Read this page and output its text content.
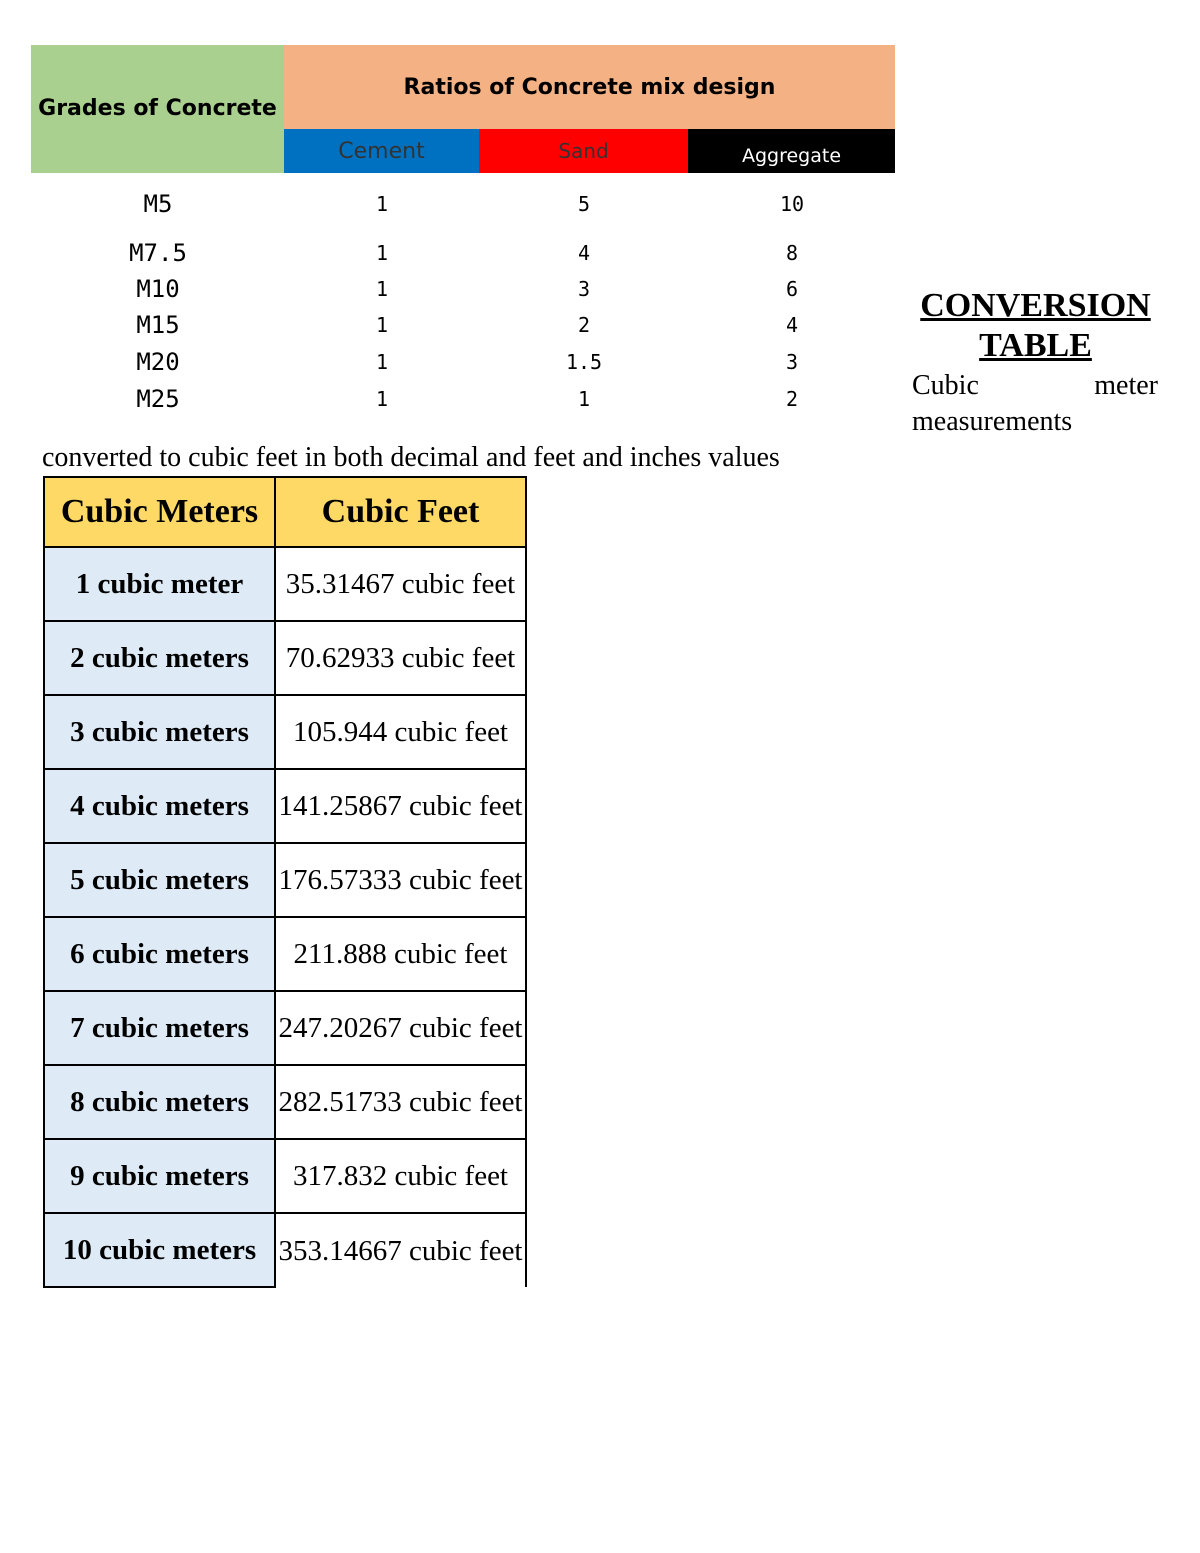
Grades of Concrete
Ratios of Concrete mix design
Cement	Sand	Aggregate
M5	1	5	10
M7.5	1	4	8
M10	1	3	6
M15	1	2	4
M20	1	1.5	3
M25	1	1	2
CONVERSION TABLE
Cubic	meter
measurements
converted to cubic feet in both decimal and feet and inches values
Cubic Meters	Cubic Feet
1 cubic meter	35.31467 cubic feet
2 cubic meters	70.62933 cubic feet
3 cubic meters	105.944 cubic feet
4 cubic meters	141.25867 cubic feet
5 cubic meters	176.57333 cubic feet
6 cubic meters	211.888 cubic feet
7 cubic meters	247.20267 cubic feet
8 cubic meters	282.51733 cubic feet
9 cubic meters	317.832 cubic feet
10 cubic meters	353.14667 cubic feet
